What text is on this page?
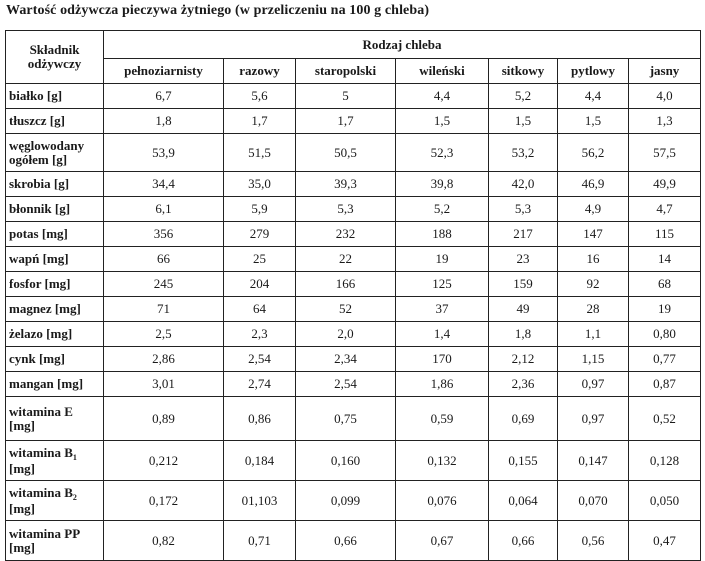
Wartość odżywcza pieczywa żytniego (w przeliczeniu na 100 g chleba)
Składnik odżywczy	Rodzaj chleba						
	pełnoziarnisty	razowy	staropolski	wileński	sitkowy	pytlowy	jasny
białko [g]	6,7	5,6	5	4,4	5,2	4,4	4,0
tłuszcz [g]	1,8	1,7	1,7	1,5	1,5	1,5	1,3
węglowodany ogółem [g]	53,9	51,5	50,5	52,3	53,2	56,2	57,5
skrobia [g]	34,4	35,0	39,3	39,8	42,0	46,9	49,9
błonnik [g]	6,1	5,9	5,3	5,2	5,3	4,9	4,7
potas [mg]	356	279	232	188	217	147	115
wapń [mg]	66	25	22	19	23	16	14
fosfor [mg]	245	204	166	125	159	92	68
magnez [mg]	71	64	52	37	49	28	19
żelazo [mg]	2,5	2,3	2,0	1,4	1,8	1,1	0,80
cynk [mg]	2,86	2,54	2,34	170	2,12	1,15	0,77
mangan [mg]	3,01	2,74	2,54	1,86	2,36	0,97	0,87
witamina E [mg]	0,89	0,86	0,75	0,59	0,69	0,97	0,52
witamina $B_1$
[mg]	0,212	0,184	0,160	0,132	0,155	0,147	0,128
witamina $B_2$
[mg]	0,172	01,103	0,099	0,076	0,064	0,070	0,050
witamina PP [mg]	0,82	0,71	0,66	0,67	0,66	0,56	0,47
